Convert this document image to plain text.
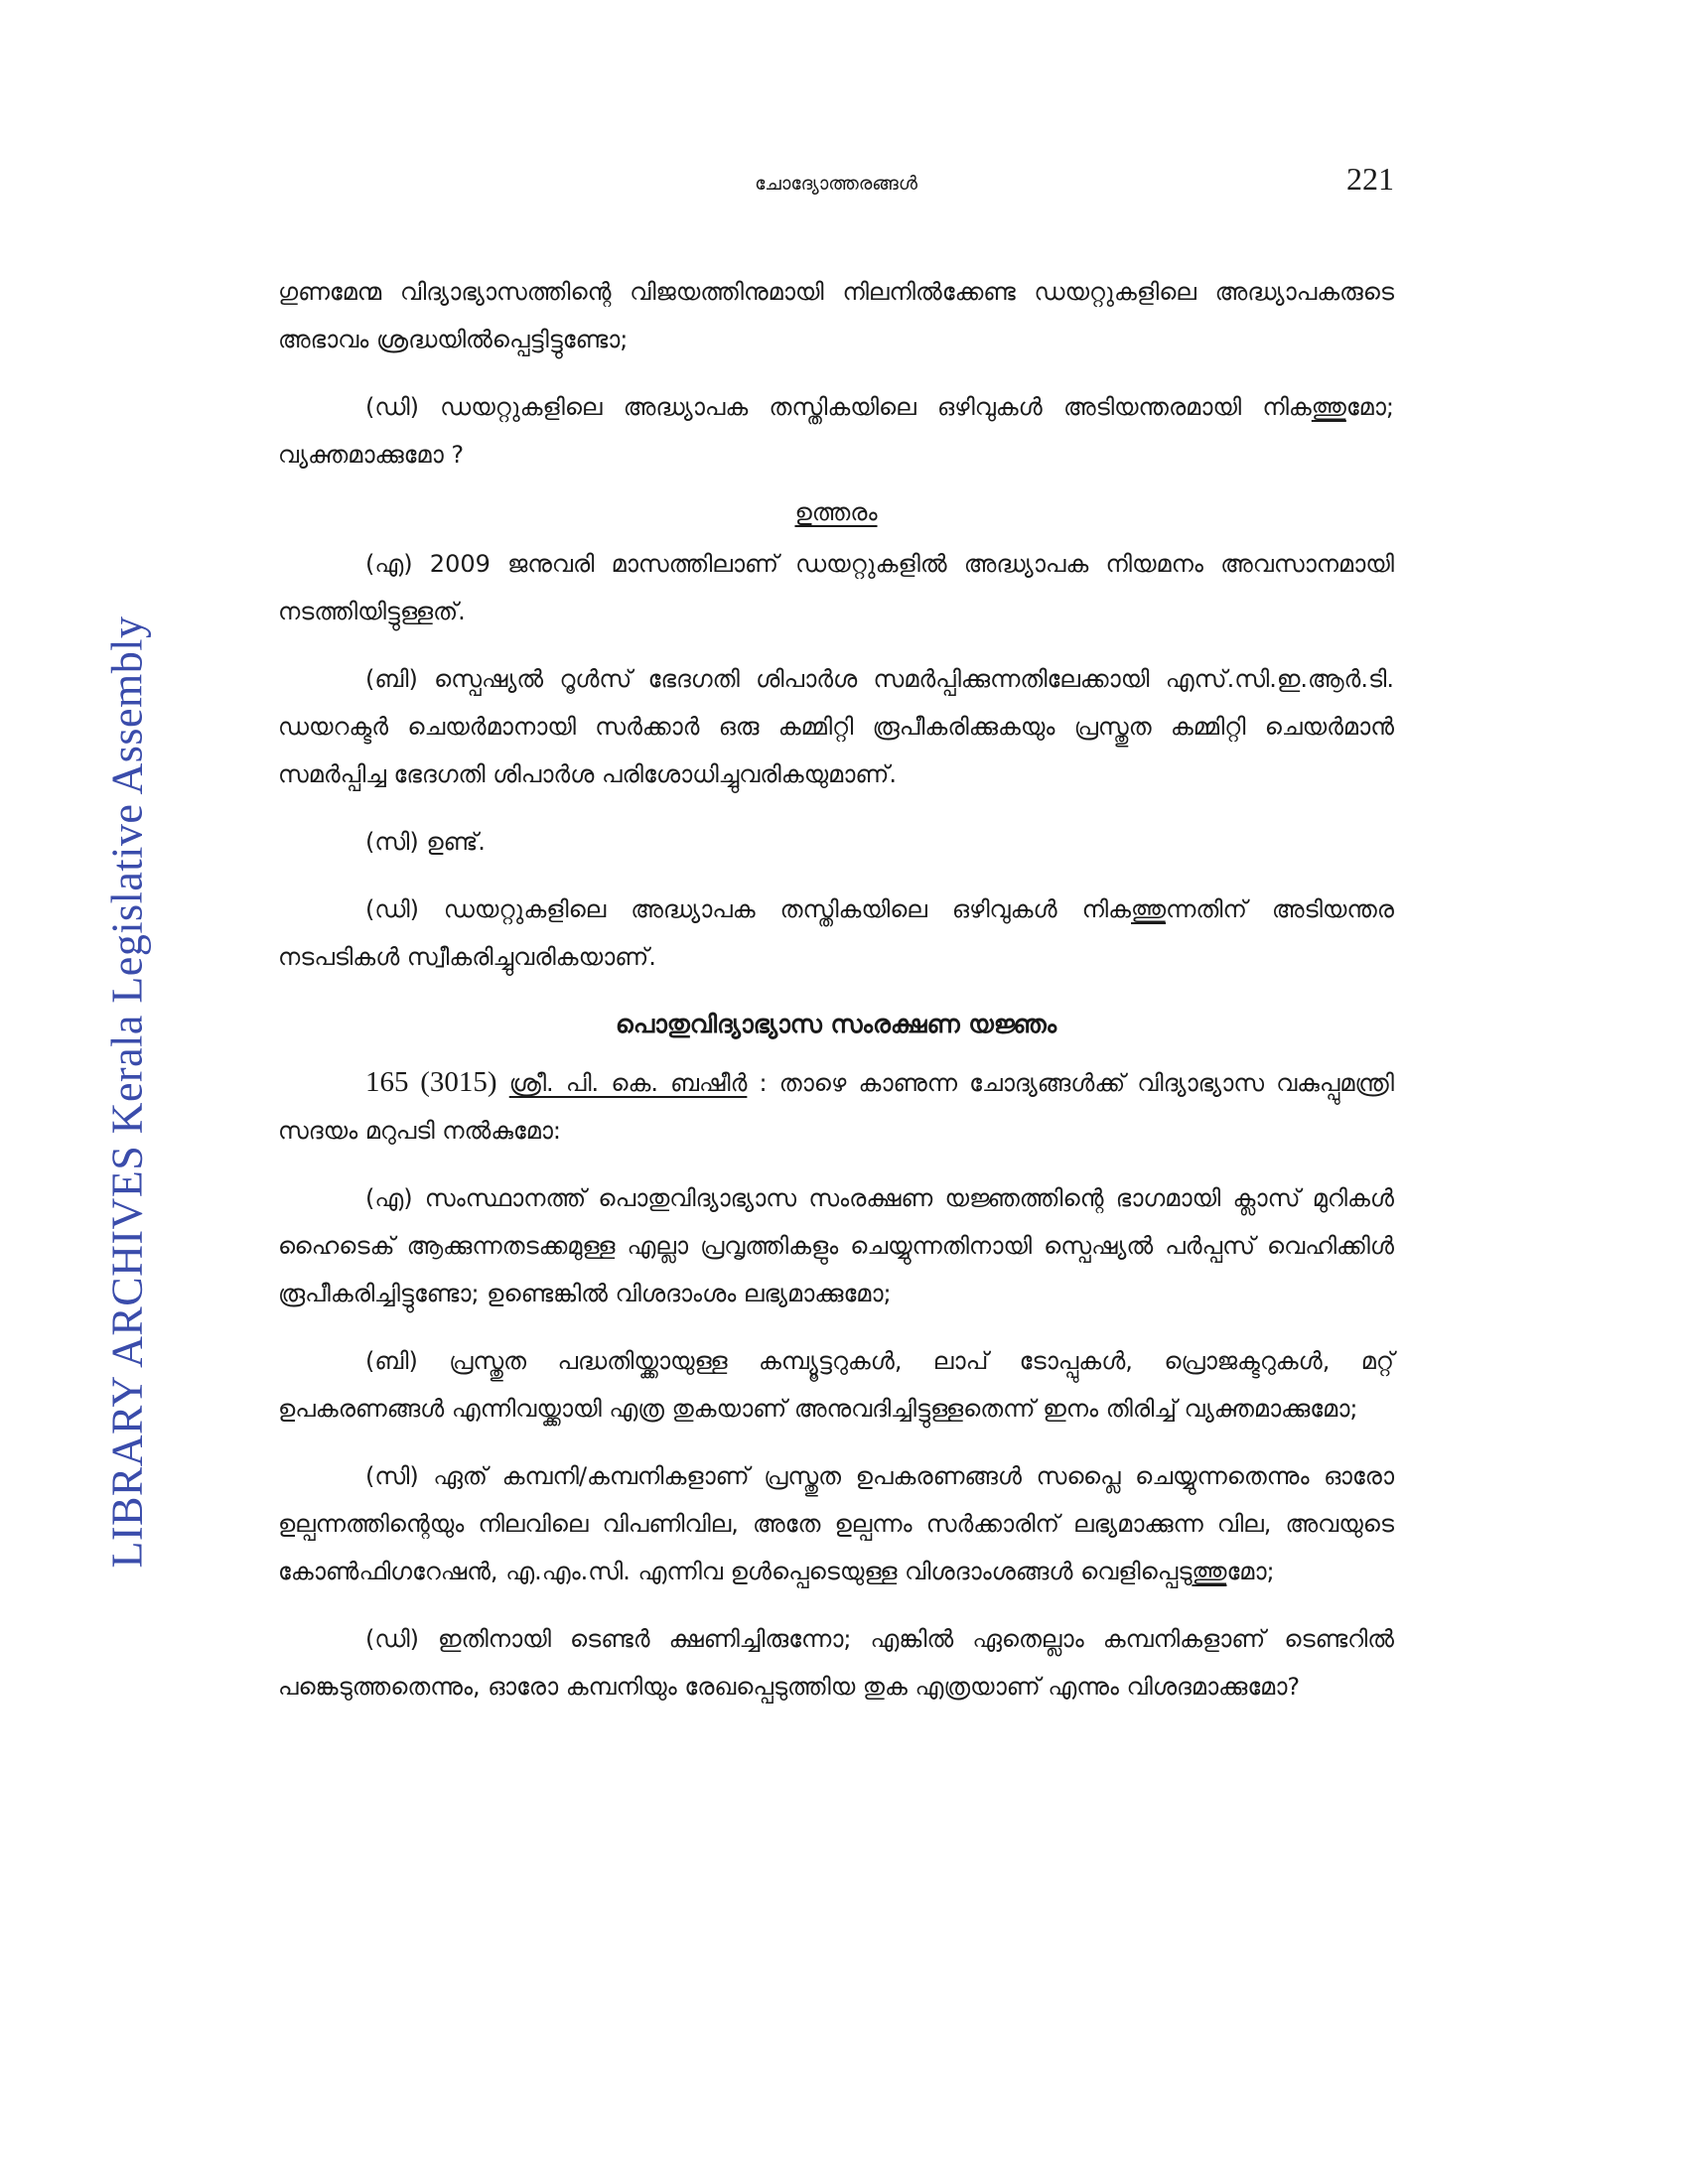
LIBRARY ARCHIVES Kerala Legislative Assembly
ചോദ്യോത്തരങ്ങൾ	221

ഗുണമേന്മ വിദ്യാഭ്യാസത്തിന്റെ വിജയത്തിനുമായി നിലനിൽക്കേണ്ട ഡയറ്റുകളിലെ അദ്ധ്യാപകരുടെ അഭാവം ശ്രദ്ധയിൽപ്പെട്ടിട്ടുണ്ടോ;

(ഡി) ഡയറ്റുകളിലെ അദ്ധ്യാപക തസ്തികയിലെ ഒഴിവുകൾ അടിയന്തരമായി നികത്തുമോ; വ്യക്തമാക്കുമോ ?

ഉത്തരം

(എ) 2009 ജനുവരി മാസത്തിലാണ് ഡയറ്റുകളിൽ അദ്ധ്യാപക നിയമനം അവസാനമായി നടത്തിയിട്ടുള്ളത്.

(ബി) സ്പെഷ്യൽ റൂൾസ് ഭേദഗതി ശിപാർശ സമർപ്പിക്കുന്നതിലേക്കായി എസ്.സി.ഇ.ആർ.ടി. ഡയറക്ടർ ചെയർമാനായി സർക്കാർ ഒരു കമ്മിറ്റി രൂപീകരിക്കുകയും പ്രസ്തുത കമ്മിറ്റി ചെയർമാൻ സമർപ്പിച്ച ഭേദഗതി ശിപാർശ പരിശോധിച്ചുവരികയുമാണ്.

(സി) ഉണ്ട്.

(ഡി) ഡയറ്റുകളിലെ അദ്ധ്യാപക തസ്തികയിലെ ഒഴിവുകൾ നികത്തുന്നതിന് അടിയന്തര നടപടികൾ സ്വീകരിച്ചുവരികയാണ്.

പൊതുവിദ്യാഭ്യാസ സംരക്ഷണ യജ്ഞം

165 (3015) ശ്രീ. പി. കെ. ബഷീർ : താഴെ കാണുന്ന ചോദ്യങ്ങൾക്ക് വിദ്യാഭ്യാസ വകുപ്പുമന്ത്രി സദയം മറുപടി നൽകുമോ:

(എ) സംസ്ഥാനത്ത് പൊതുവിദ്യാഭ്യാസ സംരക്ഷണ യജ്ഞത്തിന്റെ ഭാഗമായി ക്ലാസ് മുറികൾ ഹൈടെക് ആക്കുന്നതടക്കമുള്ള എല്ലാ പ്രവൃത്തികളും ചെയ്യുന്നതിനായി സ്പെഷ്യൽ പർപ്പസ് വെഹിക്കിൾ രൂപീകരിച്ചിട്ടുണ്ടോ; ഉണ്ടെങ്കിൽ വിശദാംശം ലഭ്യമാക്കുമോ;

(ബി) പ്രസ്തുത പദ്ധതിയ്ക്കായുള്ള കമ്പ്യൂട്ടറുകൾ, ലാപ് ടോപ്പുകൾ, പ്രൊജക്ടറുകൾ, മറ്റ് ഉപകരണങ്ങൾ എന്നിവയ്ക്കായി എത്ര തുകയാണ് അനുവദിച്ചിട്ടുള്ളതെന്ന് ഇനം തിരിച്ച് വ്യക്തമാക്കുമോ;

(സി) ഏത് കമ്പനി/കമ്പനികളാണ് പ്രസ്തുത ഉപകരണങ്ങൾ സപ്ലൈ ചെയ്യുന്നതെന്നും ഓരോ ഉല്പന്നത്തിന്റെയും നിലവിലെ വിപണിവില, അതേ ഉല്പന്നം സർക്കാരിന് ലഭ്യമാക്കുന്ന വില, അവയുടെ കോൺഫിഗറേഷൻ, എ.എം.സി. എന്നിവ ഉൾപ്പെടെയുള്ള വിശദാംശങ്ങൾ വെളിപ്പെടുത്തുമോ;

(ഡി) ഇതിനായി ടെണ്ടർ ക്ഷണിച്ചിരുന്നോ; എങ്കിൽ ഏതെല്ലാം കമ്പനികളാണ് ടെണ്ടറിൽ പങ്കെടുത്തതെന്നും, ഓരോ കമ്പനിയും രേഖപ്പെടുത്തിയ തുക എത്രയാണ് എന്നും വിശദമാക്കുമോ?
